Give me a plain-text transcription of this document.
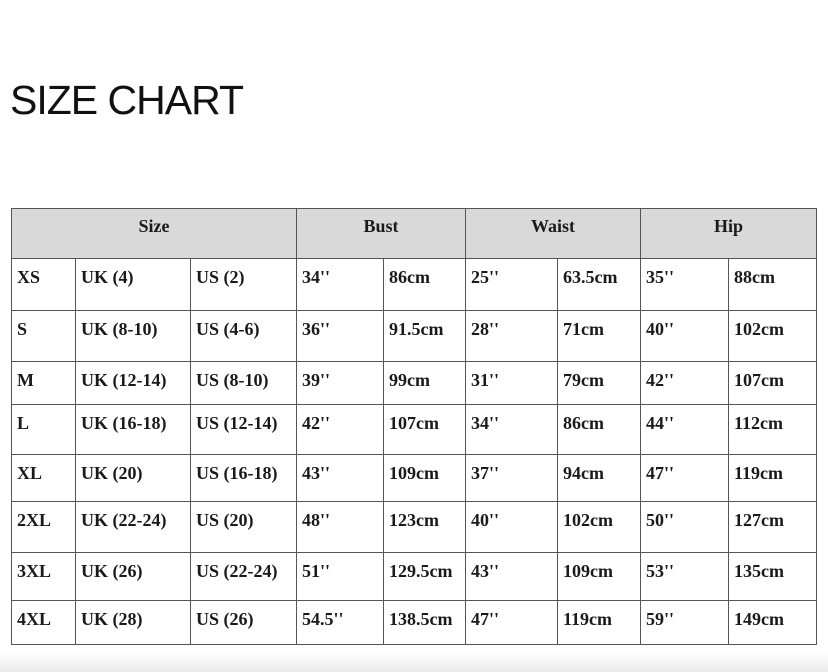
SIZE CHART
Size			Bust		Waist		Hip	
XS	UK (4)	US (2)	34''	86cm	25''	63.5cm	35''	88cm
S	UK (8-10)	US (4-6)	36''	91.5cm	28''	71cm	40''	102cm
M	UK (12-14)	US (8-10)	39''	99cm	31''	79cm	42''	107cm
L	UK (16-18)	US (12-14)	42''	107cm	34''	86cm	44''	112cm
XL	UK (20)	US (16-18)	43''	109cm	37''	94cm	47''	119cm
2XL	UK (22-24)	US (20)	48''	123cm	40''	102cm	50''	127cm
3XL	UK (26)	US (22-24)	51''	129.5cm	43''	109cm	53''	135cm
4XL	UK (28)	US (26)	54.5''	138.5cm	47''	119cm	59''	149cm
